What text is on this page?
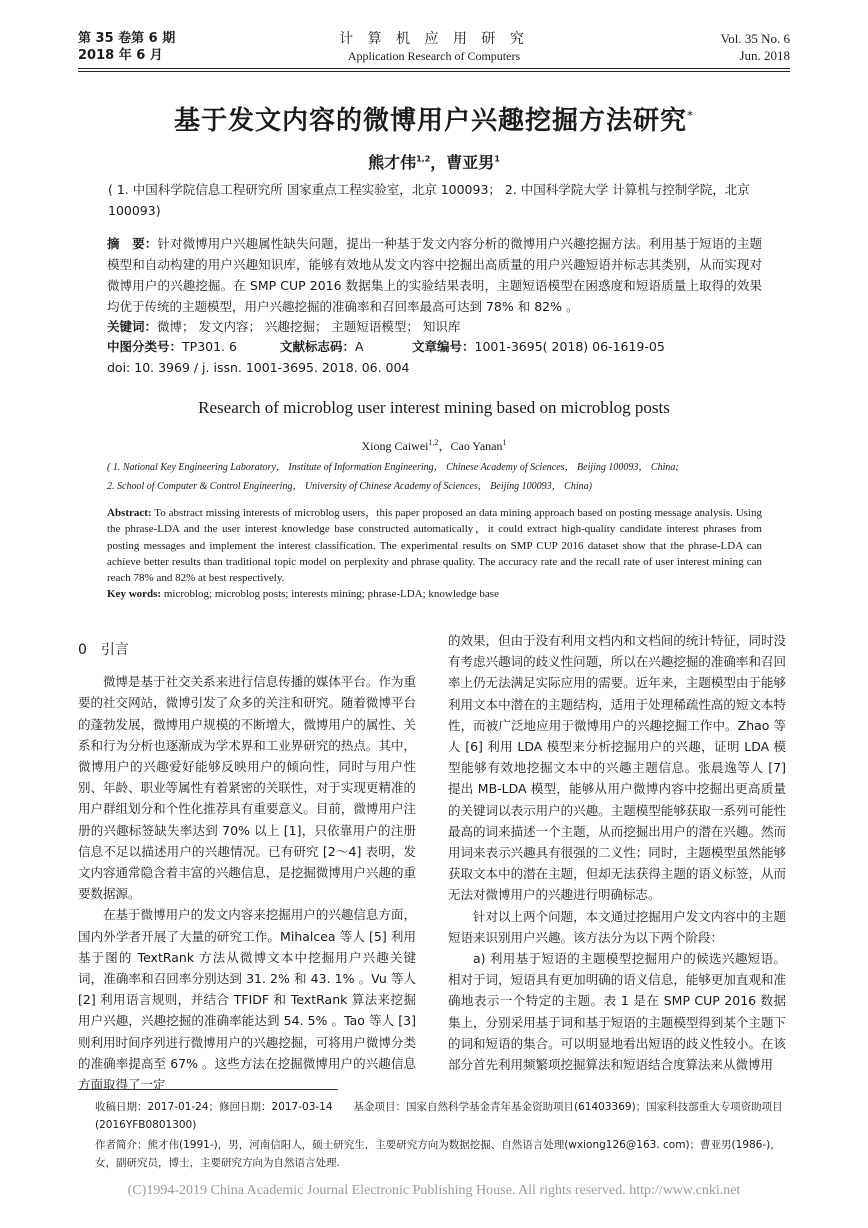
第 35 卷第 6 期
2018 年 6 月
计 算 机 应 用 研 究
Application Research of Computers
Vol. 35 No. 6
Jun. 2018
基于发文内容的微博用户兴趣挖掘方法研究*
熊才伟$^{1,2}$，曹亚男$^1$
( 1. 中国科学院信息工程研究所 国家重点工程实验室，北京 100093； 2. 中国科学院大学 计算机与控制学院，北京 100093)
摘　要：针对微博用户兴趣属性缺失问题，提出一种基于发文内容分析的微博用户兴趣挖掘方法。利用基于短语的主题模型和自动构建的用户兴趣知识库，能够有效地从发文内容中挖掘出高质量的用户兴趣短语并标志其类别，从而实现对微博用户的兴趣挖掘。在 SMP CUP 2016 数据集上的实验结果表明，主题短语模型在困惑度和短语质量上取得的效果均优于传统的主题模型，用户兴趣挖掘的准确率和召回率最高可达到 78% 和 82% 。
关键词：微博； 发文内容； 兴趣挖掘； 主题短语模型； 知识库
中图分类号：TP301. 6	文献标志码：A	文章编号：1001-3695( 2018) 06-1619-05
doi: 10. 3969 / j. issn. 1001-3695. 2018. 06. 004
Research of microblog user interest mining based on microblog posts
Xiong Caiwei$^{1,2}$，Cao Yanan$^1$
( 1. National Key Engineering Laboratory， Institute of Information Engineering， Chinese Academy of Sciences， Beijing 100093， China;
2. School of Computer & Control Engineering， University of Chinese Academy of Sciences， Beijing 100093， China)
Abstract: To abstract missing interests of microblog users，this paper proposed an data mining approach based on posting message analysis. Using the phrase-LDA and the user interest knowledge base constructed automatically，it could extract high-quality candidate interest phrases from posting messages and implement the interest classification. The experimental results on SMP CUP 2016 dataset show that the phrase-LDA can achieve better results than traditional topic model on perplexity and phrase quality. The accuracy rate and the recall rate of user interest mining can reach 78% and 82% at best respectively.
Key words: microblog; microblog posts; interests mining; phrase-LDA; knowledge base
0　 引言

微博是基于社交关系来进行信息传播的媒体平台。作为重要的社交网站，微博引发了众多的关注和研究。随着微博平台的蓬勃发展，微博用户规模的不断增大，微博用户的属性、关系和行为分析也逐渐成为学术界和工业界研究的热点。其中，微博用户的兴趣爱好能够反映用户的倾向性，同时与用户性别、年龄、职业等属性有着紧密的关联性，对于实现更精准的用户群组划分和个性化推荐具有重要意义。目前，微博用户注册的兴趣标签缺失率达到 70% 以上 [1]，只依靠用户的注册信息不足以描述用户的兴趣情况。已有研究 [2～4] 表明，发文内容通常隐含着丰富的兴趣信息，是挖掘微博用户兴趣的重要数据源。

在基于微博用户的发文内容来挖掘用户的兴趣信息方面，国内外学者开展了大量的研究工作。Mihalcea 等人 [5] 利用基于图的 TextRank 方法从微博文本中挖掘用户兴趣关键词，准确率和召回率分别达到 31. 2% 和 43. 1% 。Vu 等人 [2] 利用语言规则，并结合 TFIDF 和 TextRank 算法来挖掘用户兴趣，兴趣挖掘的准确率能达到 54. 5% 。Tao 等人 [3] 则利用时间序列进行微博用户的兴趣挖掘，可将用户微博分类的准确率提高至 67% 。这些方法在挖掘微博用户的兴趣信息方面取得了一定

的效果，但由于没有利用文档内和文档间的统计特征，同时没有考虑兴趣词的歧义性问题，所以在兴趣挖掘的准确率和召回率上仍无法满足实际应用的需要。近年来，主题模型由于能够利用文本中潜在的主题结构，适用于处理稀疏性高的短文本特性，而被广泛地应用于微博用户的兴趣挖掘工作中。Zhao 等人 [6] 利用 LDA 模型来分析挖掘用户的兴趣，证明 LDA 模型能够有效地挖掘文本中的兴趣主题信息。张晨逸等人 [7] 提出 MB-LDA 模型，能够从用户微博内容中挖掘出更高质量的关键词以表示用户的兴趣。主题模型能够获取一系列可能性最高的词来描述一个主题，从而挖掘出用户的潜在兴趣。然而用词来表示兴趣具有很强的二义性；同时，主题模型虽然能够获取文本中的潜在主题，但却无法获得主题的语义标签，从而无法对微博用户的兴趣进行明确标志。

针对以上两个问题，本文通过挖掘用户发文内容中的主题短语来识别用户兴趣。该方法分为以下两个阶段：

a) 利用基于短语的主题模型挖掘用户的候选兴趣短语。相对于词，短语具有更加明确的语义信息，能够更加直观和准确地表示一个特定的主题。表 1 是在 SMP CUP 2016 数据集上，分别采用基于词和基于短语的主题模型得到某个主题下的词和短语的集合。可以明显地看出短语的歧义性较小。在该部分首先利用频繁项挖掘算法和短语结合度算法来从微博用

收稿日期：2017-01-24；修回日期：2017-03-14　　基金项目：国家自然科学基金青年基金资助项目(61403369)；国家科技部重大专项资助项目(2016YFB0801300)
作者简介：熊才伟(1991-)，男，河南信阳人，硕士研究生，主要研究方向为数据挖掘、自然语言处理(wxiong126@163. com)；曹亚男(1986-)，女，副研究员，博士，主要研究方向为自然语言处理.
(C)1994-2019 China Academic Journal Electronic Publishing House. All rights reserved. http://www.cnki.net
